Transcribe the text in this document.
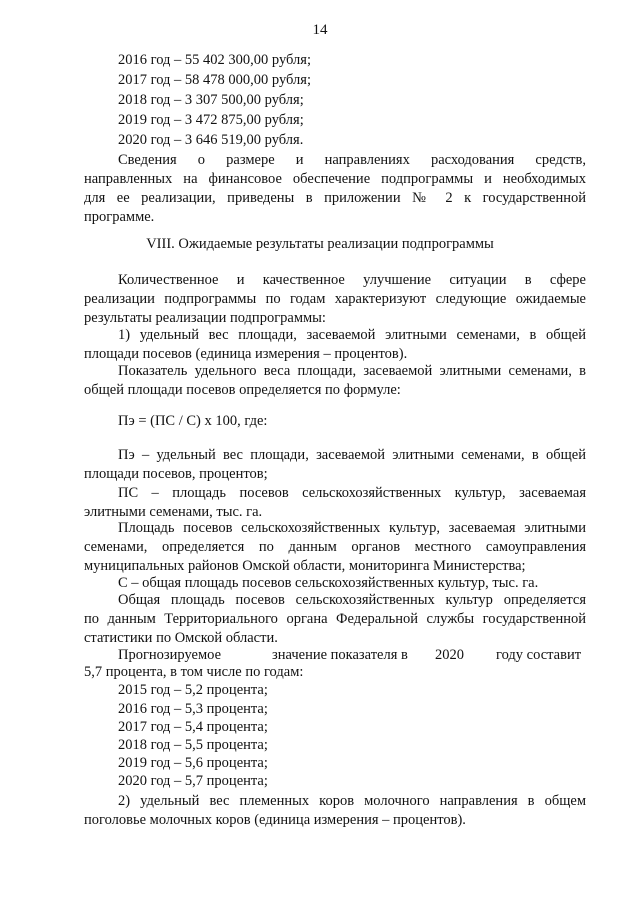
14
2016 год – 55 402 300,00 рубля;
2017 год – 58 478 000,00 рубля;
2018 год – 3 307 500,00 рубля;
2019 год – 3 472 875,00 рубля;
2020 год – 3 646 519,00 рубля.
Сведения о размере и направлениях расходования средств,
направленных на финансовое обеспечение подпрограммы и необходимых
для ее реализации, приведены в приложении № 2 к государственной
программе.
VIII. Ожидаемые результаты реализации подпрограммы
Количественное и качественное улучшение ситуации в сфере
реализации подпрограммы по годам характеризуют следующие ожидаемые
результаты реализации подпрограммы:
1) удельный вес площади, засеваемой элитными семенами, в общей
площади посевов (единица измерения – процентов).
Показатель удельного веса площади, засеваемой элитными семенами, в
общей площади посевов определяется по формуле:
Пэ = (ПС / С) х 100, где:
Пэ – удельный вес площади, засеваемой элитными семенами, в общей
площади посевов, процентов;
ПС – площадь посевов сельскохозяйственных культур, засеваемая
элитными семенами, тыс. га.
Площадь посевов сельскохозяйственных культур, засеваемая элитными
семенами, определяется по данным органов местного самоуправления
муниципальных районов Омской области, мониторинга Министерства;
С – общая площадь посевов сельскохозяйственных культур, тыс. га.
Общая площадь посевов сельскохозяйственных культур определяется
по данным Территориального органа Федеральной службы государственной
статистики по Омской области.
Прогнозируемое	значение показателя в 2020 году составит
5,7 процента, в том числе по годам:
2015 год – 5,2 процента;
2016 год – 5,3 процента;
2017 год – 5,4 процента;
2018 год – 5,5 процента;
2019 год – 5,6 процента;
2020 год – 5,7 процента;
2) удельный вес племенных коров молочного направления в общем
поголовье молочных коров (единица измерения – процентов).
